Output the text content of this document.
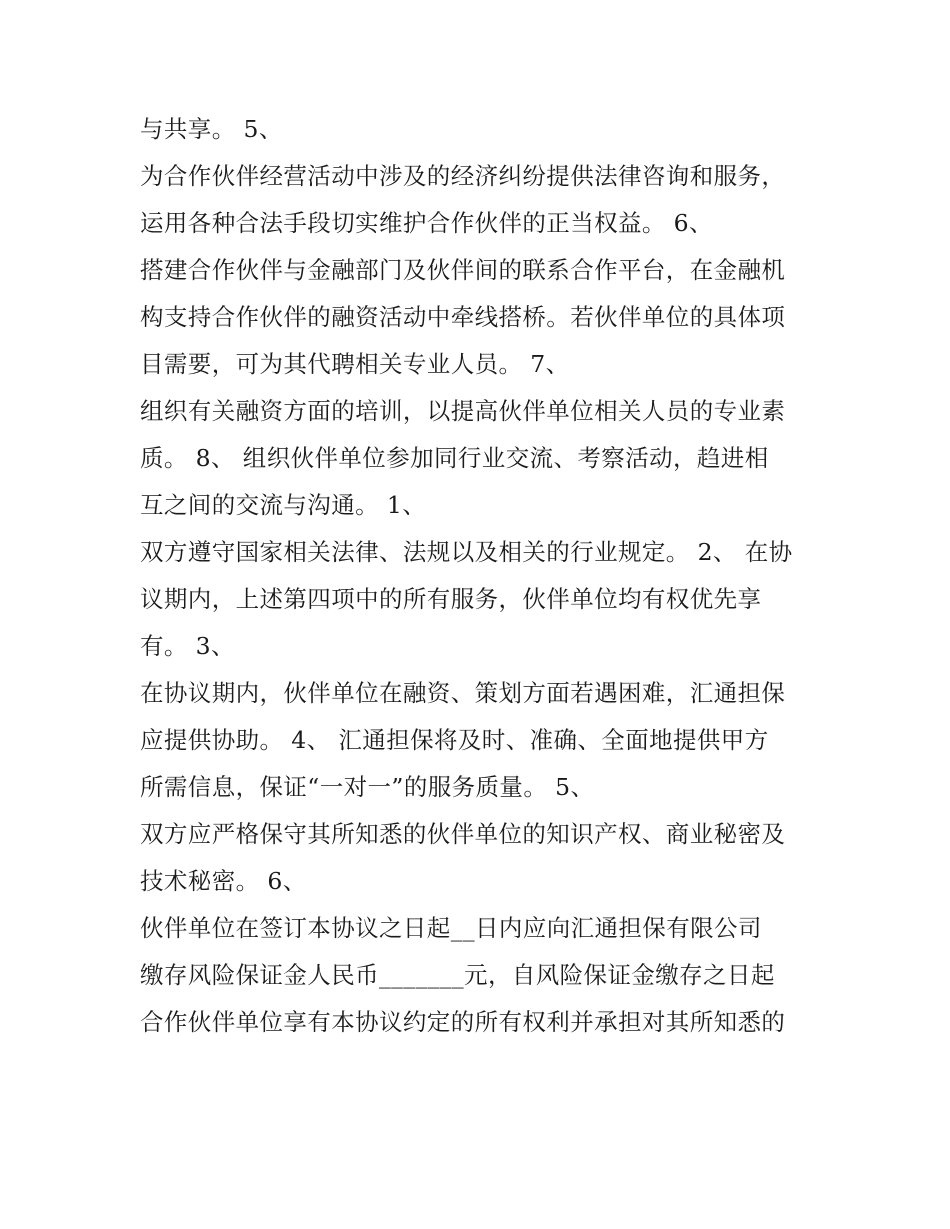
与共享。 5、
为合作伙伴经营活动中涉及的经济纠纷提供法律咨询和服务，
运用各种合法手段切实维护合作伙伴的正当权益。 6、
搭建合作伙伴与金融部门及伙伴间的联系合作平台，在金融机
构支持合作伙伴的融资活动中牵线搭桥。若伙伴单位的具体项
目需要，可为其代聘相关专业人员。 7、
组织有关融资方面的培训，以提高伙伴单位相关人员的专业素
质。 8、 组织伙伴单位参加同行业交流、考察活动，趋进相
互之间的交流与沟通。 1、
双方遵守国家相关法律、法规以及相关的行业规定。 2、 在协
议期内，上述第四项中的所有服务，伙伴单位均有权优先享
有。 3、
在协议期内，伙伴单位在融资、策划方面若遇困难，汇通担保
应提供协助。 4、 汇通担保将及时、准确、全面地提供甲方
所需信息，保证“一对一”的服务质量。 5、
双方应严格保守其所知悉的伙伴单位的知识产权、商业秘密及
技术秘密。 6、
伙伴单位在签订本协议之日起__日内应向汇通担保有限公司
缴存风险保证金人民币_______元，自风险保证金缴存之日起
合作伙伴单位享有本协议约定的所有权利并承担对其所知悉的
